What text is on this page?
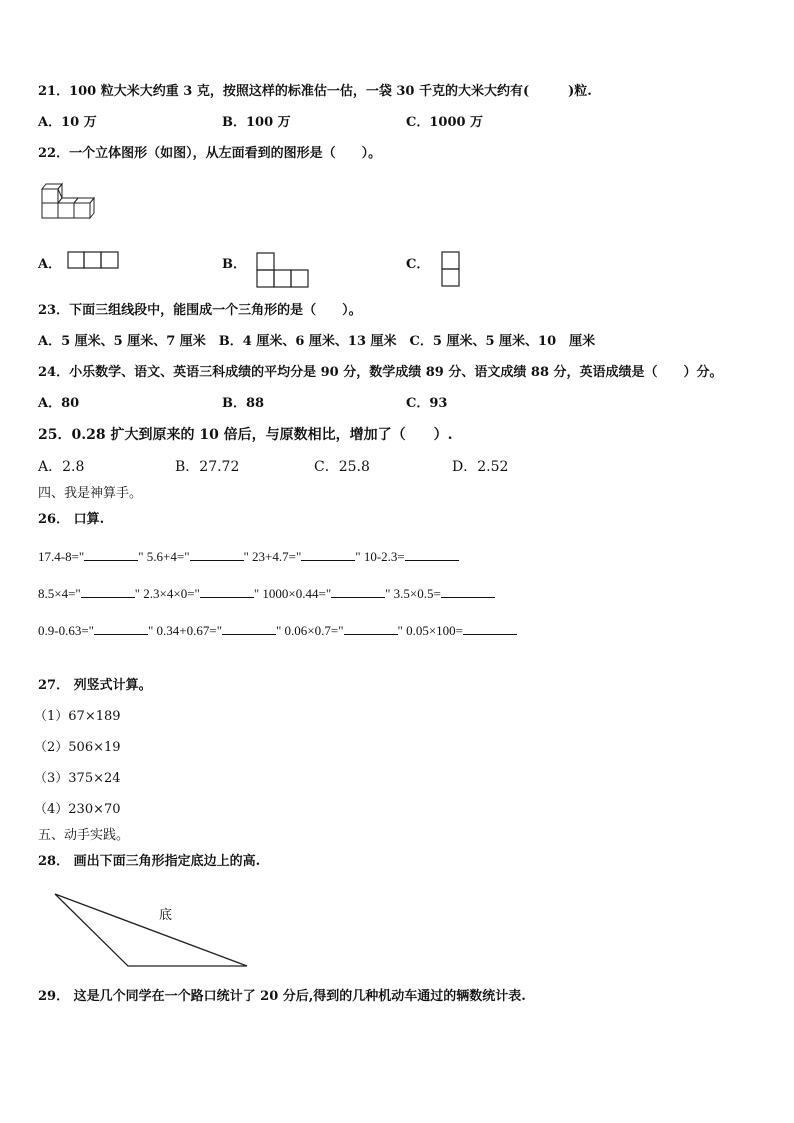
21．100 粒大米大约重 3 克，按照这样的标准估一估，一袋 30 千克的大米大约有(　　　)粒.
A．10 万	B．100 万	C．1000 万
22．一个立体图形（如图），从左面看到的图形是（　　）。
A．	B．	C．
23．下面三组线段中，能围成一个三角形的是（　　）。
A．5 厘米、5 厘米、7 厘米　B．4 厘米、6 厘米、13 厘米　C．5 厘米、5 厘米、10　厘米
24．小乐数学、语文、英语三科成绩的平均分是 90 分，数学成绩 89 分、语文成绩 88 分，英语成绩是（　　）分。
A．80	B．88	C．93
25．0.28 扩大到原来的 10 倍后，与原数相比，增加了（　　）.
A．2.8	B．27.72	C．25.8	D．2.52
四、我是神算手。
26． 口算.
17.4-8="	" 5.6+4="	" 23+4.7="	" 10-2.3=
8.5×4="	" 2.3×4×0="	" 1000×0.44="	" 3.5×0.5=
0.9-0.63="	" 0.34+0.67="	" 0.06×0.7="	" 0.05×100=
27． 列竖式计算。
（1）67×189
（2）506×19
（3）375×24
（4）230×70
五、动手实践。
28． 画出下面三角形指定底边上的高.
底
29． 这是几个同学在一个路口统计了 20 分后,得到的几种机动车通过的辆数统计表.
